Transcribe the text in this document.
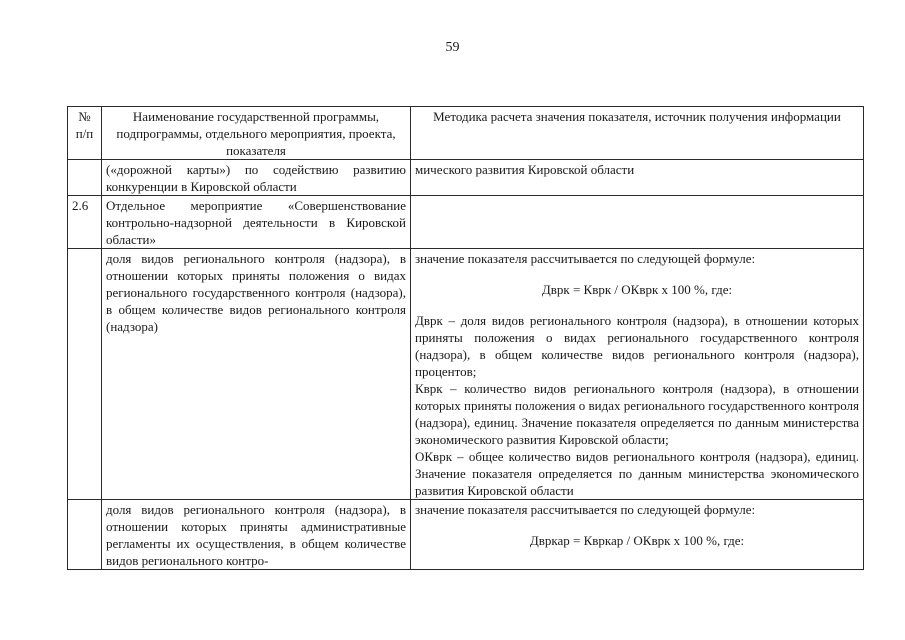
59
№ п/п	Наименование государственной программы, подпрограммы, отдельного мероприятия, проекта, показателя	Методика расчета значения показателя, источник получения информации
	(«дорожной карты») по содействию развитию конкуренции в Кировской области	мического развития Кировской области
2.6	Отдельное мероприятие «Совершенствование контрольно-надзорной деятельности в Кировской области»	
	доля видов регионального контроля (надзора), в отношении которых приняты положения о видах регионального государственного контроля (надзора), в общем количестве видов регионального контроля (надзора)	значение показателя рассчитывается по следующей формуле:

Дврк = Кврк / ОКврк х 100 %, где:

Дврк – доля видов регионального контроля (надзора), в отношении которых приняты положения о видах регионального государственного контроля (надзора), в общем количестве видов регионального контроля (надзора), процентов;

Кврк – количество видов регионального контроля (надзора), в отношении которых приняты положения о видах регионального государственного контроля (надзора), единиц. Значение показателя определяется по данным министерства экономического развития Кировской области;

ОКврк – общее количество видов регионального контроля (надзора), единиц. Значение показателя определяется по данным министерства экономического развития Кировской области

	доля видов регионального контроля (надзора), в отношении которых приняты административные регламенты их осуществления, в общем количестве видов регионального контро-	значение показателя рассчитывается по следующей формуле:

Двркар = Квркар / ОКврк х 100 %, где:
